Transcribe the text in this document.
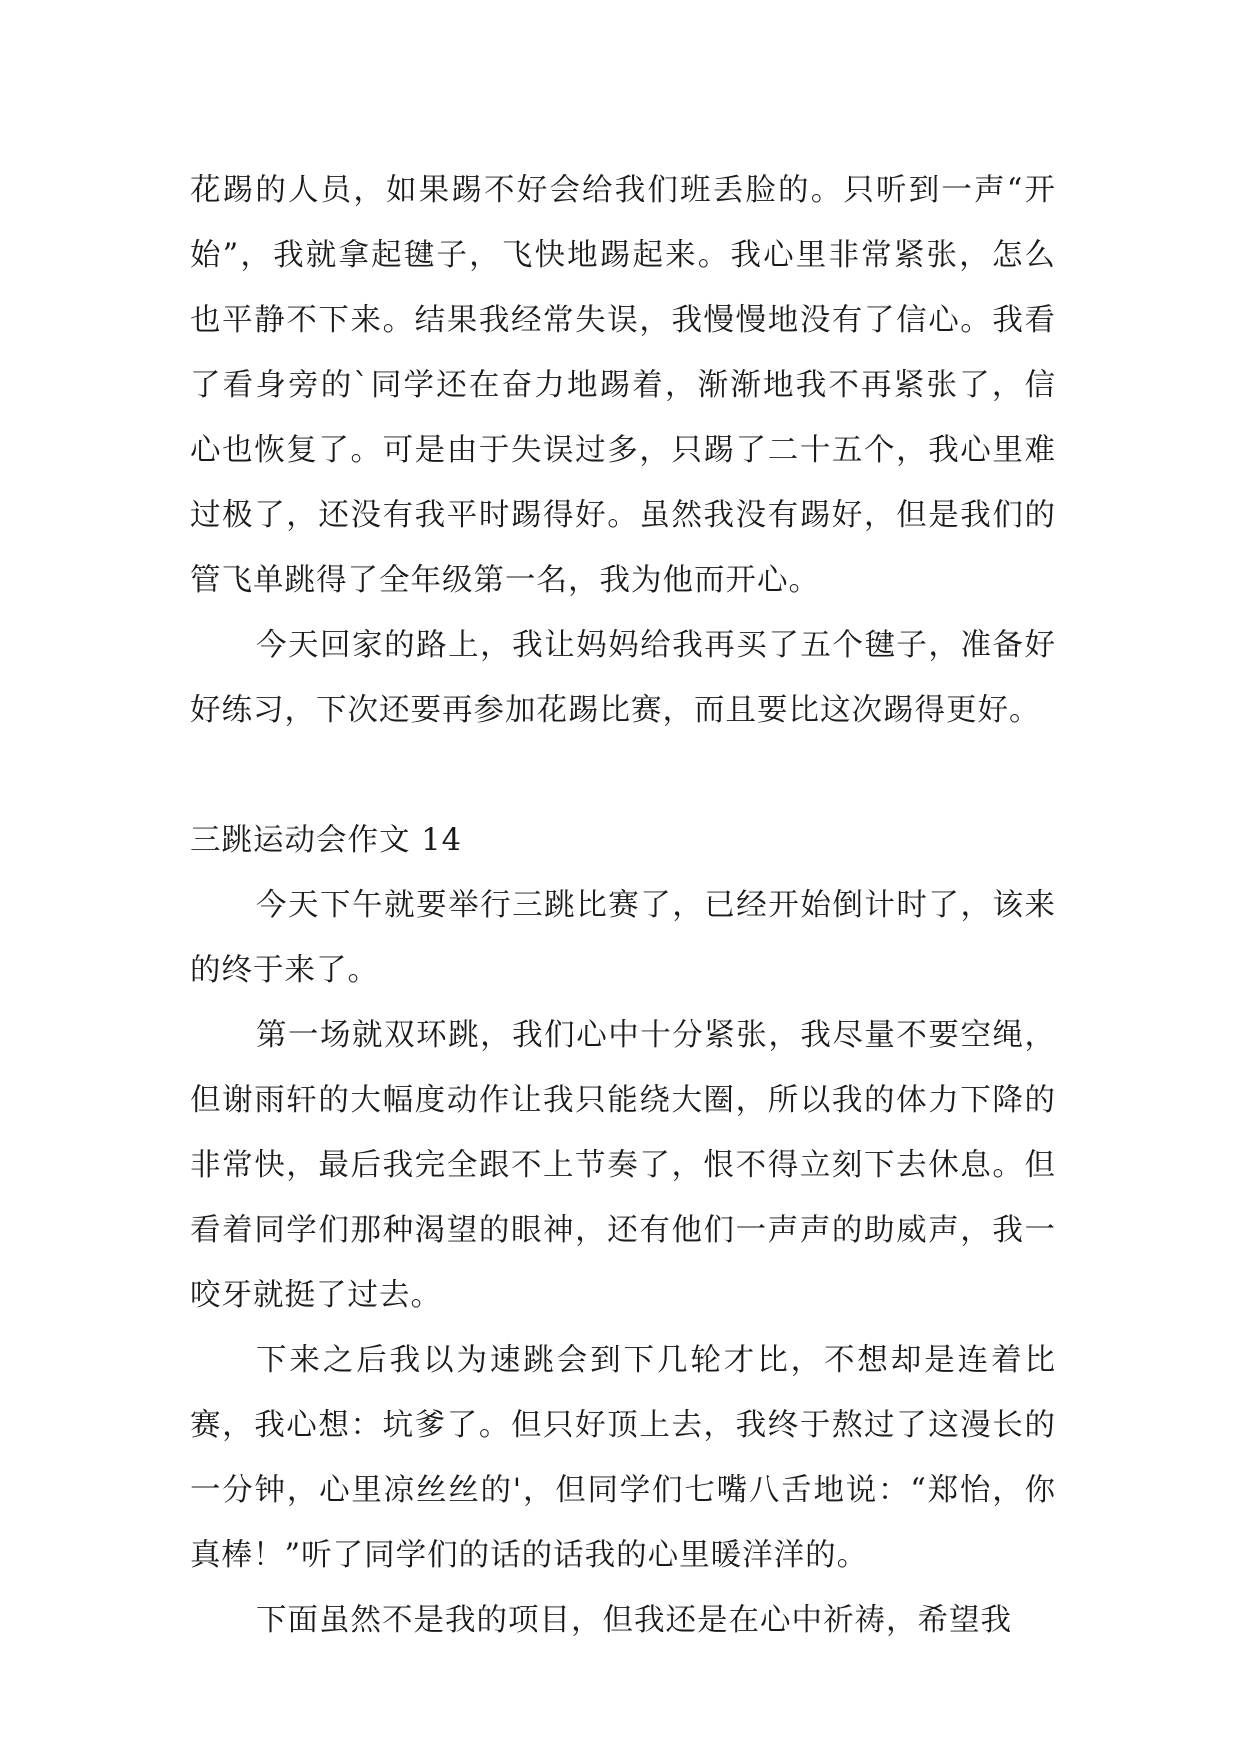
花踢的人员，如果踢不好会给我们班丢脸的。只听到一声“开始”，我就拿起毽子，飞快地踢起来。我心里非常紧张，怎么也平静不下来。结果我经常失误，我慢慢地没有了信心。我看了看身旁的`同学还在奋力地踢着，渐渐地我不再紧张了，信心也恢复了。可是由于失误过多，只踢了二十五个，我心里难过极了，还没有我平时踢得好。虽然我没有踢好，但是我们的管飞单跳得了全年级第一名，我为他而开心。

今天回家的路上，我让妈妈给我再买了五个毽子，准备好好练习，下次还要再参加花踢比赛，而且要比这次踢得更好。

三跳运动会作文 14

今天下午就要举行三跳比赛了，已经开始倒计时了，该来的终于来了。

第一场就双环跳，我们心中十分紧张，我尽量不要空绳，但谢雨轩的大幅度动作让我只能绕大圈，所以我的体力下降的非常快，最后我完全跟不上节奏了，恨不得立刻下去休息。但看着同学们那种渴望的眼神，还有他们一声声的助威声，我一咬牙就挺了过去。

下来之后我以为速跳会到下几轮才比，不想却是连着比赛，我心想：坑爹了。但只好顶上去，我终于熬过了这漫长的一分钟，心里凉丝丝的'，但同学们七嘴八舌地说：“郑怡，你真棒！”听了同学们的话的话我的心里暖洋洋的。

下面虽然不是我的项目，但我还是在心中祈祷，希望我
